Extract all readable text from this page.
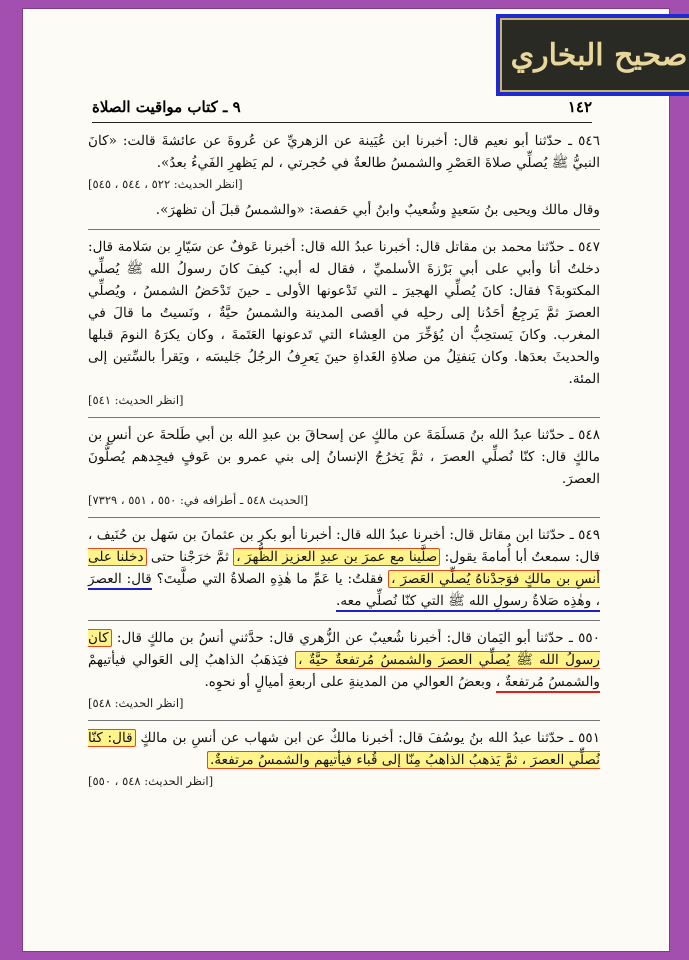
صحيح البخاري
١٤٢
٩ ـ كتاب مواقيت الصلاة

٥٤٦ ـ حدّثنا أبو نعيم قال: أخبرنا ابن عُيَينة عن الزهريِّ عن عُروةَ عن عائشةَ قالت: «كانَ النبيُّ ﷺ يُصلِّي صلاةَ العَصْرِ والشمسُ طالعةٌ في حُجرتي ، لم يَظهرِ الفَيءُ بعدُ».

[انظر الحديث: ٥٢٢ ، ٥٤٤ ، ٥٤٥]

وقال مالك ويحيى بنُ سَعيدٍ وشُعيبٌ وابنُ أبي حَفصة: «والشمسُ قبلَ أن تظهرَ».

٥٤٧ ـ حدّثنا محمد بن مقاتل قال: أخبرنا عبدُ الله قال: أخبرنا عَوفٌ عن سَيّارِ بن سَلامة قال: دخلتُ أنا وأبي على أبي بَرْزةَ الأسلميِّ ، فقال له أبي: كيفَ كانَ رسولُ الله ﷺ يُصلِّي المكتوبةَ؟ فقال: كانَ يُصلِّي الهجيرَ ـ التي تَدْعونها الأولى ـ حينَ تَدْحَضُ الشمسُ ، ويُصلِّي العصرَ ثمَّ يَرجِعُ أحَدُنا إلى رحلِه في أقصى المدينة والشمسُ حيَّةٌ ، ونَسيتُ ما قالَ في المغرب. وكانَ يَستحِبُّ أن يُؤخِّرَ من العِشاء التي تَدعونها العَتَمةَ ، وكان يكرَهُ النومَ قبلها والحديثَ بعدَها. وكان يَنفتِلُ من صلاةِ الغَداةِ حينَ يَعرِفُ الرجُلُ جَليسَه ، ويَقرأ بالسِّتين إلى المئة.

[انظر الحديث: ٥٤١]

٥٤٨ ـ حدّثنا عبدُ الله بنُ مَسلَمَةَ عن مالكٍ عن إسحاقَ بن عبدِ الله بن أبي طَلحةَ عن أنسِ بن مالكٍ قال: كنّا نُصلِّي العصرَ ، ثمَّ يَخرُجُ الإنسانُ إلى بني عمرو بن عَوفٍ فيجِدهم يُصلُّونَ العصرَ.

[الحديث ٥٤٨ ـ أطرافه في: ٥٥٠ ، ٥٥١ ، ٧٣٢٩]

٥٤٩ ـ حدّثنا ابن مقاتل قال: أخبرنا عبدُ الله قال: أخبرنا أبو بكر بن عثمانَ بن سَهل بن حُنَيف ، قال: سمعتُ أبا أُمامةَ يقول: صلَّينا مع عمرَ بن عبدِ العزيز الظُّهرَ ، ثمَّ خرَجْنا حتى دخلنا على أنسِ بن مالكٍ فوَجدْناهُ يُصلِّي العَصرَ ، فقلتُ: يا عَمِّ ما هٰذِهِ الصلاةُ التي صلَّيتَ؟ قال: العصرَ ، وهٰذِه صَلاةُ رسولِ الله ﷺ التي كنّا نُصلِّي معه.

٥٥٠ ـ حدّثنا أبو اليَمان قال: أخبرنا شُعيبٌ عن الزُّهري قال: حدَّثني أنسُ بن مالكٍ قال: كان رسولُ الله ﷺ يُصلِّي العصرَ والشمسُ مُرتفعةٌ حيَّةٌ ، فيَذهَبُ الذاهبُ إلى العَوالي فيأتيهمْ والشمسُ مُرتفعةٌ ، وبعضُ العوالي من المدينةِ على أربعةِ أميالٍ أو نحوِه.

[انظر الحديث: ٥٤٨]

٥٥١ ـ حدّثنا عبدُ الله بنُ يوسُفَ قال: أخبرنا مالكٌ عن ابن شهاب عن أنسِ بن مالكٍ قال: كنّا نُصلِّي العصرَ ، ثمَّ يَذهبُ الذاهبُ مِنّا إلى قُباء فيأتيهم والشمسُ مرتفعةٌ.

[انظر الحديث: ٥٤٨ ، ٥٥٠]
